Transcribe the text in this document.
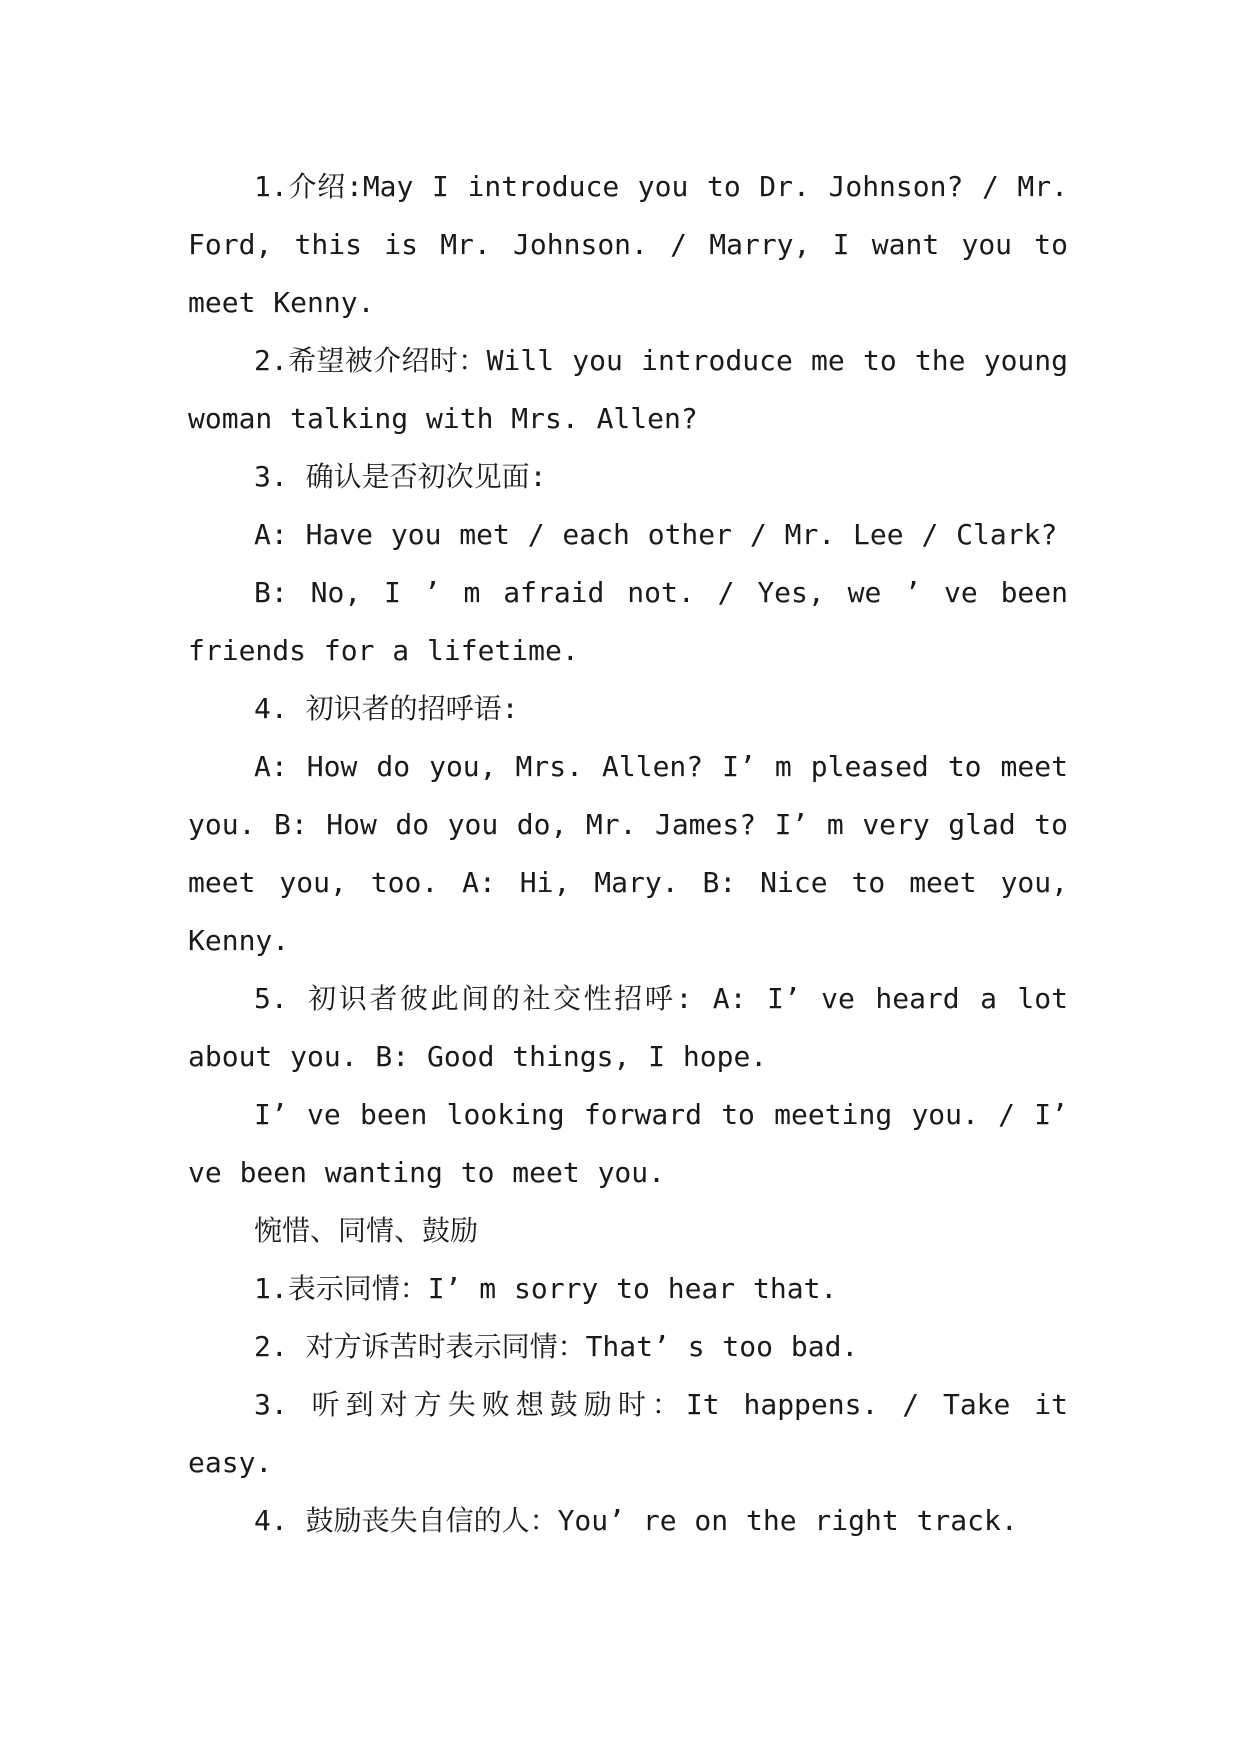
1.介绍:May I introduce you to Dr. Johnson? / Mr. Ford, this is Mr. Johnson. / Marry, I want you to meet Kenny.

2.希望被介绍时：Will you introduce me to the young woman talking with Mrs. Allen?

3. 确认是否初次见面:

A: Have you met / each other / Mr. Lee / Clark?

B: No, I ’ m afraid not. / Yes, we ’ ve been friends for a lifetime.

4. 初识者的招呼语:

A: How do you, Mrs. Allen? I’ m pleased to meet you. B: How do you do, Mr. James? I’ m very glad to meet you, too. A: Hi, Mary. B: Nice to meet you, Kenny.

5. 初识者彼此间的社交性招呼: A: I’ ve heard a lot about you. B: Good things, I hope.

I’ ve been looking forward to meeting you. / I’ ve been wanting to meet you.

惋惜、同情、鼓励

1.表示同情：I’ m sorry to hear that.

2. 对方诉苦时表示同情：That’ s too bad.

3. 听到对方失败想鼓励时：It happens. / Take it easy.

4. 鼓励丧失自信的人：You’ re on the right track.
